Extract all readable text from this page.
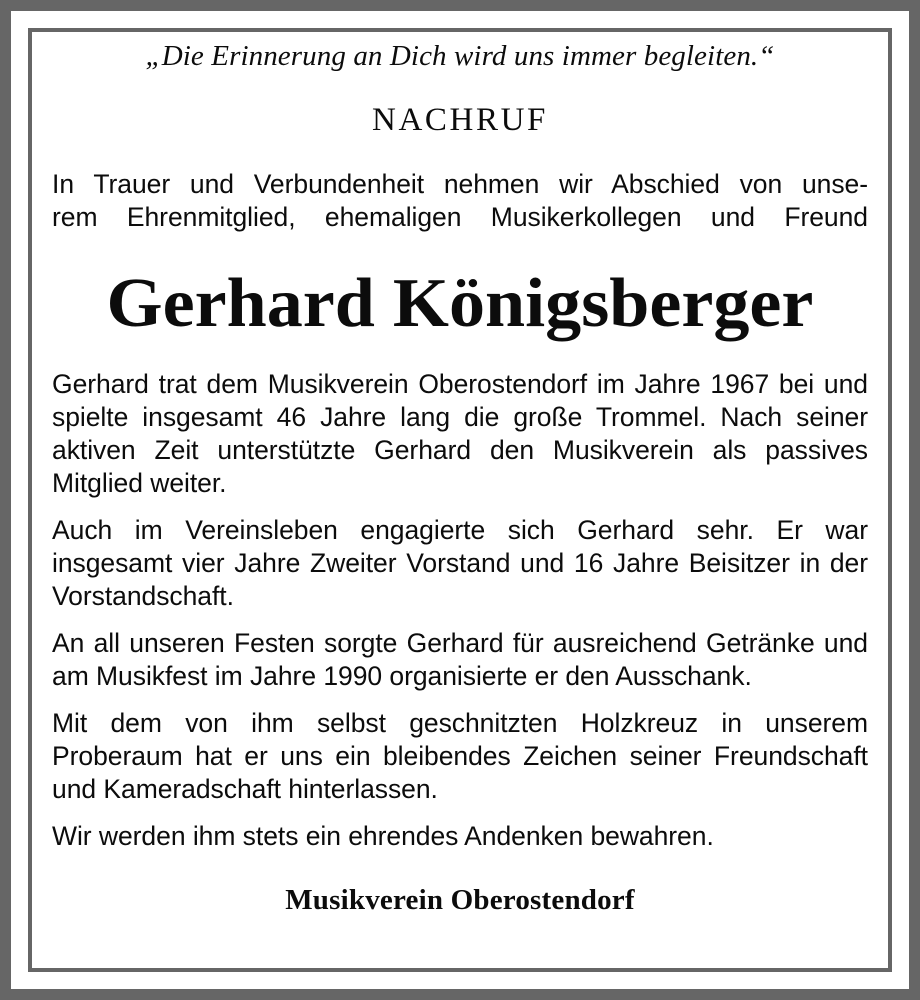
„Die Erinnerung an Dich wird uns immer begleiten.“

NACHRUF

In Trauer und Verbundenheit nehmen wir Abschied von unse-

rem Ehrenmitglied, ehemaligen Musikerkollegen und Freund

Gerhard Königsberger

Gerhard trat dem Musikverein Oberostendorf im Jahre 1967 bei und spielte insgesamt 46 Jahre lang die große Trommel. Nach seiner aktiven Zeit unterstützte Gerhard den Musikverein als passives Mitglied weiter.

Auch im Vereinsleben engagierte sich Gerhard sehr. Er war insgesamt vier Jahre Zweiter Vorstand und 16 Jahre Beisitzer in der Vorstandschaft.

An all unseren Festen sorgte Gerhard für ausreichend Getränke und am Musikfest im Jahre 1990 organisierte er den Ausschank.

Mit dem von ihm selbst geschnitzten Holzkreuz in unserem Proberaum hat er uns ein bleibendes Zeichen seiner Freundschaft und Kameradschaft hinterlassen.

Wir werden ihm stets ein ehrendes Andenken bewahren.

Musikverein Oberostendorf
